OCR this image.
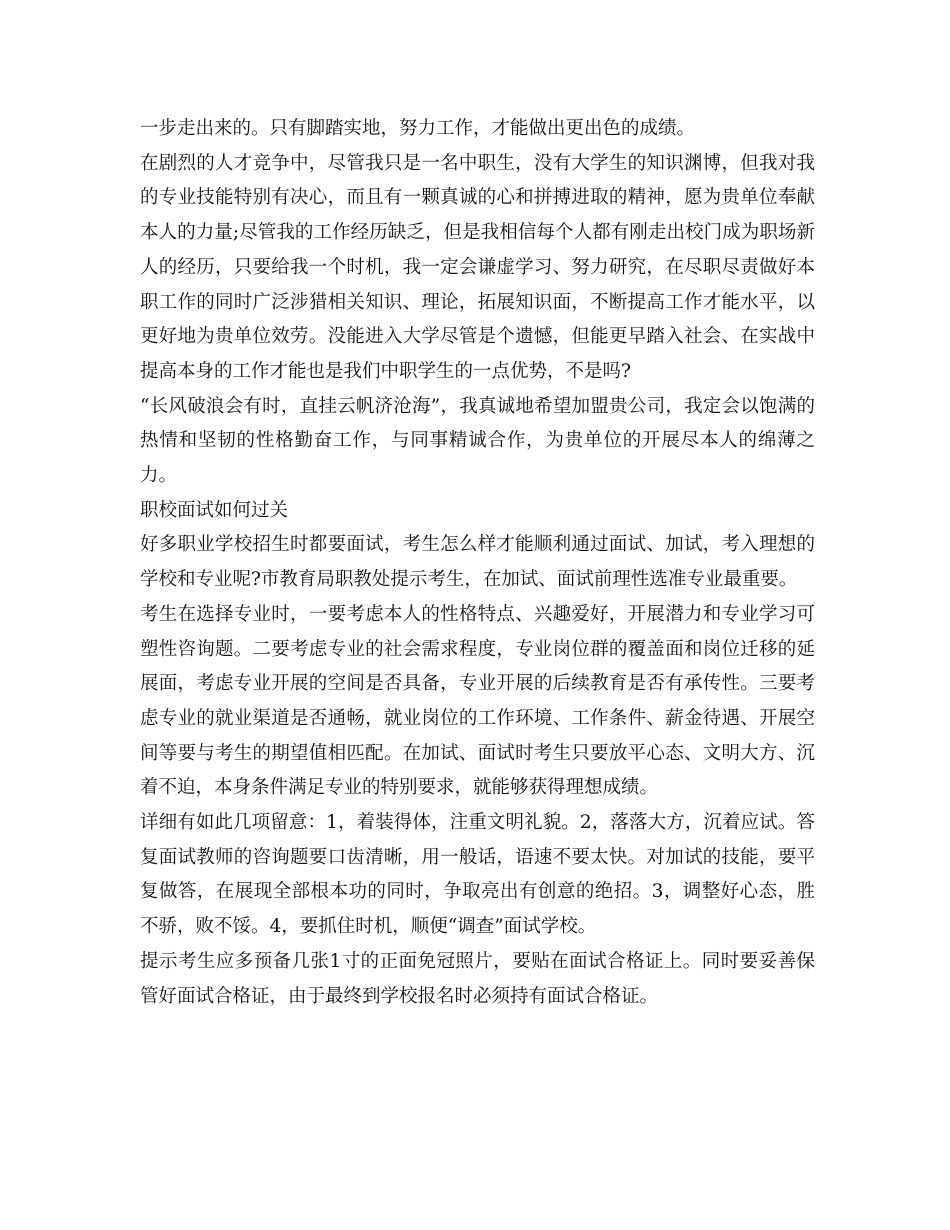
一步走出来的。只有脚踏实地，努力工作，才能做出更出色的成绩。

在剧烈的人才竞争中，尽管我只是一名中职生，没有大学生的知识渊博，但我对我的专业技能特别有决心，而且有一颗真诚的心和拼搏进取的精神，愿为贵单位奉献本人的力量;尽管我的工作经历缺乏，但是我相信每个人都有刚走出校门成为职场新人的经历，只要给我一个时机，我一定会谦虚学习、努力研究，在尽职尽责做好本职工作的同时广泛涉猎相关知识、理论，拓展知识面，不断提高工作才能水平，以更好地为贵单位效劳。没能进入大学尽管是个遗憾，但能更早踏入社会、在实战中提高本身的工作才能也是我们中职学生的一点优势，不是吗?

“长风破浪会有时，直挂云帆济沧海”，我真诚地希望加盟贵公司，我定会以饱满的热情和坚韧的性格勤奋工作，与同事精诚合作，为贵单位的开展尽本人的绵薄之力。

职校面试如何过关

好多职业学校招生时都要面试，考生怎么样才能顺利通过面试、加试，考入理想的学校和专业呢?市教育局职教处提示考生，在加试、面试前理性选准专业最重要。

考生在选择专业时，一要考虑本人的性格特点、兴趣爱好，开展潜力和专业学习可塑性咨询题。二要考虑专业的社会需求程度，专业岗位群的覆盖面和岗位迁移的延展面，考虑专业开展的空间是否具备，专业开展的后续教育是否有承传性。三要考虑专业的就业渠道是否通畅，就业岗位的工作环境、工作条件、薪金待遇、开展空间等要与考生的期望值相匹配。在加试、面试时考生只要放平心态、文明大方、沉着不迫，本身条件满足专业的特别要求，就能够获得理想成绩。

详细有如此几项留意：1，着装得体，注重文明礼貌。2，落落大方，沉着应试。答复面试教师的咨询题要口齿清晰，用一般话，语速不要太快。对加试的技能，要平复做答，在展现全部根本功的同时，争取亮出有创意的绝招。3，调整好心态，胜不骄，败不馁。4，要抓住时机，顺便“调查”面试学校。

提示考生应多预备几张1寸的正面免冠照片，要贴在面试合格证上。同时要妥善保管好面试合格证，由于最终到学校报名时必须持有面试合格证。
